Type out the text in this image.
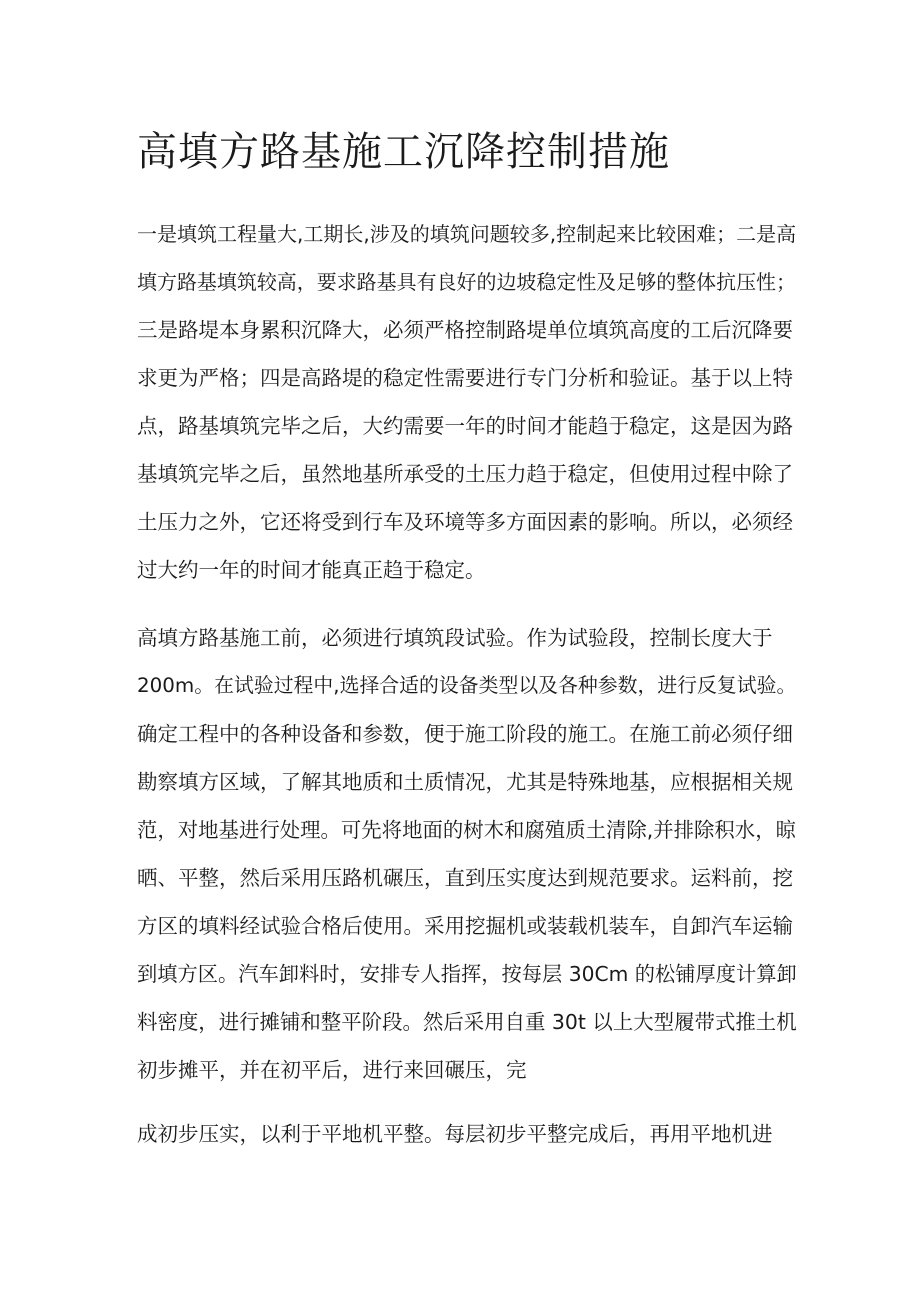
高填方路基施工沉降控制措施
一是填筑工程量大,工期长,涉及的填筑问题较多,控制起来比较困难；二是高
填方路基填筑较高，要求路基具有良好的边坡稳定性及足够的整体抗压性；
三是路堤本身累积沉降大，必须严格控制路堤单位填筑高度的工后沉降要
求更为严格；四是高路堤的稳定性需要进行专门分析和验证。基于以上特
点，路基填筑完毕之后，大约需要一年的时间才能趋于稳定，这是因为路
基填筑完毕之后，虽然地基所承受的土压力趋于稳定，但使用过程中除了
土压力之外，它还将受到行车及环境等多方面因素的影响。所以，必须经
过大约一年的时间才能真正趋于稳定。
高填方路基施工前，必须进行填筑段试验。作为试验段，控制长度大于
200m。在试验过程中,选择合适的设备类型以及各种参数，进行反复试验。
确定工程中的各种设备和参数，便于施工阶段的施工。在施工前必须仔细
勘察填方区域，了解其地质和土质情况，尤其是特殊地基，应根据相关规
范，对地基进行处理。可先将地面的树木和腐殖质土清除,并排除积水，晾
晒、平整，然后采用压路机碾压，直到压实度达到规范要求。运料前，挖
方区的填料经试验合格后使用。采用挖掘机或装载机装车，自卸汽车运输
到填方区。汽车卸料时，安排专人指挥，按每层 30Cm 的松铺厚度计算卸
料密度，进行摊铺和整平阶段。然后采用自重 30t 以上大型履带式推土机
初步摊平，并在初平后，进行来回碾压，完
成初步压实，以利于平地机平整。每层初步平整完成后，再用平地机进
